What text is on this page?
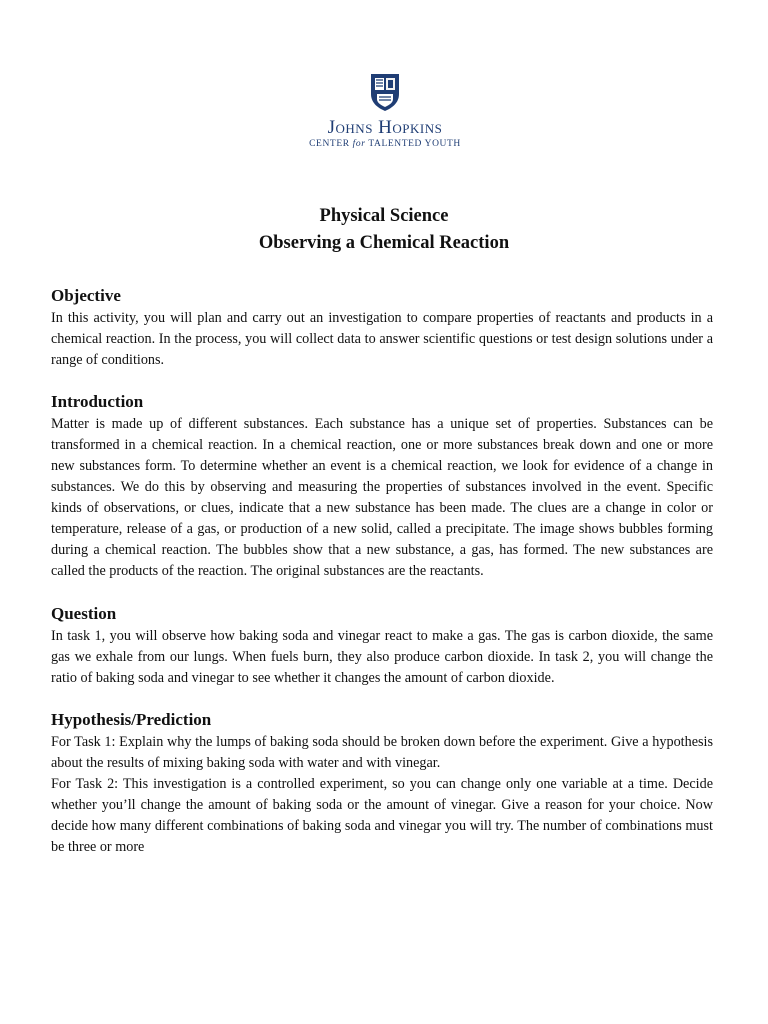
Johns Hopkins
CENTER for TALENTED YOUTH
Physical Science
Observing a Chemical Reaction
Objective

In this activity, you will plan and carry out an investigation to compare properties of reactants and products in a chemical reaction. In the process, you will collect data to answer scientific questions or test design solutions under a range of conditions.

Introduction

Matter is made up of different substances. Each substance has a unique set of properties. Substances can be transformed in a chemical reaction. In a chemical reaction, one or more substances break down and one or more new substances form. To determine whether an event is a chemical reaction, we look for evidence of a change in substances. We do this by observing and measuring the properties of substances involved in the event. Specific kinds of observations, or clues, indicate that a new substance has been made. The clues are a change in color or temperature, release of a gas, or production of a new solid, called a precipitate. The image shows bubbles forming during a chemical reaction. The bubbles show that a new substance, a gas, has formed. The new substances are called the products of the reaction. The original substances are the reactants.

Question

In task 1, you will observe how baking soda and vinegar react to make a gas. The gas is carbon dioxide, the same gas we exhale from our lungs. When fuels burn, they also produce carbon dioxide. In task 2, you will change the ratio of baking soda and vinegar to see whether it changes the amount of carbon dioxide.

Hypothesis/Prediction

For Task 1: Explain why the lumps of baking soda should be broken down before the experiment. Give a hypothesis about the results of mixing baking soda with water and with vinegar.

For Task 2: This investigation is a controlled experiment, so you can change only one variable at a time. Decide whether you’ll change the amount of baking soda or the amount of vinegar. Give a reason for your choice. Now decide how many different combinations of baking soda and vinegar you will try. The number of combinations must be three or more
